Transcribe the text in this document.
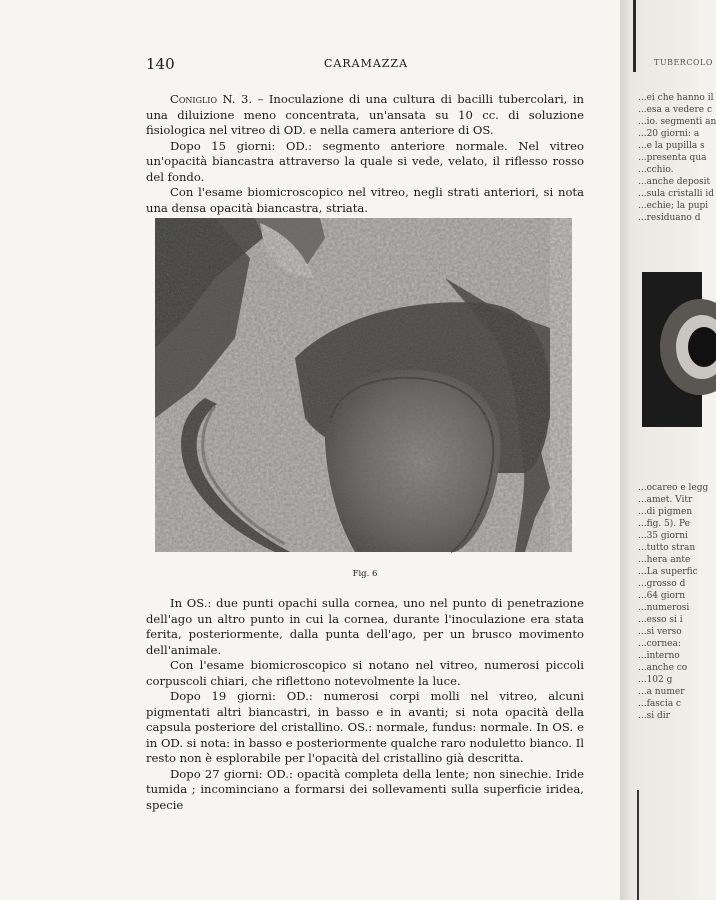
140	CARAMAZZA

Coniglio N. 3. – Inoculazione di una cultura di bacilli tubercolari, in una diluizione meno concentrata, un'ansata su 10 cc. di soluzione fisiologica nel vitreo di OD. e nella camera anteriore di OS.

Dopo 15 giorni: OD.: segmento anteriore normale. Nel vitreo un'opacità biancastra attraverso la quale si vede, velato, il riflesso rosso del fondo.

Con l'esame biomicroscopico nel vitreo, negli strati anteriori, si nota una densa opacità biancastra, striata.

Fig. 6

In OS.: due punti opachi sulla cornea, uno nel punto di penetrazione dell'ago un altro punto in cui la cornea, durante l'inoculazione era stata ferita, posteriormente, dalla punta dell'ago, per un brusco movimento dell'animale.

Con l'esame biomicroscopico si notano nel vitreo, numerosi piccoli corpuscoli chiari, che riflettono notevolmente la luce.

Dopo 19 giorni: OD.: numerosi corpi molli nel vitreo, alcuni pigmentati altri biancastri, in basso e in avanti; si nota opacità della capsula posteriore del cristallino. OS.: normale, fundus: normale. In OS. e in OD. si nota: in basso e posteriormente qualche raro noduletto bianco. Il resto non è esplorabile per l'opacità del cristallino già descritta.

Dopo 27 giorni: OD.: opacità completa della lente; non sinechie. Iride tumida ; incominciano a formarsi dei sollevamenti sulla superficie iridea, specie

TUBERCOLO
...ei che hanno il
...esa a vedere c
...io. segmenti an
...20 giorni: a
...e la pupilla s
...presenta qua
...cchio.
...anche deposit
...sula cristalli id
...echie; la pupi
...residuano d
...ocareo e legg
...amet. Vitr
...di pigmen
...fig. 5). Pe
...35 giorni
...tutto stran
...hera ante
...La superfic
...grosso d
...64 giorn
...numerosi
...esso si i
...si verso
...cornea:
...interno
...anche co
...102 g
...a numer
...fascia c
...si dir
